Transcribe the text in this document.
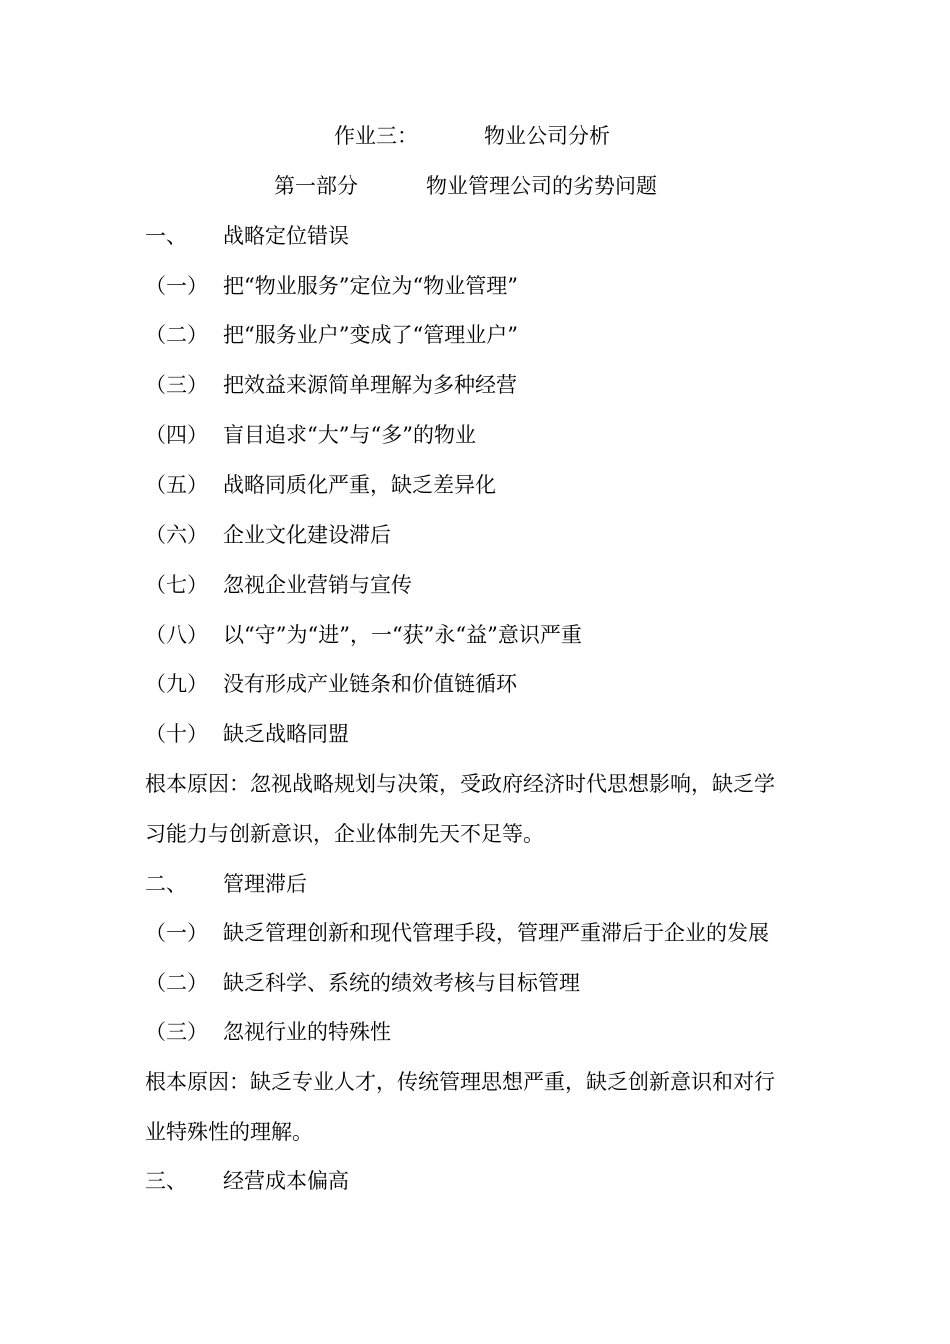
作业三：	物业公司分析
第一部分	物业管理公司的劣势问题
一、 战略定位错误
（一） 把“物业服务”定位为“物业管理”
（二） 把“服务业户”变成了“管理业户”
（三） 把效益来源简单理解为多种经营
（四） 盲目追求“大”与“多”的物业
（五） 战略同质化严重，缺乏差异化
（六） 企业文化建设滞后
（七） 忽视企业营销与宣传
（八） 以“守”为“进”，一“获”永“益”意识严重
（九） 没有形成产业链条和价值链循环
（十） 缺乏战略同盟
根本原因：忽视战略规划与决策，受政府经济时代思想影响，缺乏学
习能力与创新意识，企业体制先天不足等。
二、 管理滞后
（一） 缺乏管理创新和现代管理手段，管理严重滞后于企业的发展
（二） 缺乏科学、系统的绩效考核与目标管理
（三） 忽视行业的特殊性
根本原因：缺乏专业人才，传统管理思想严重，缺乏创新意识和对行
业特殊性的理解。
三、 经营成本偏高
